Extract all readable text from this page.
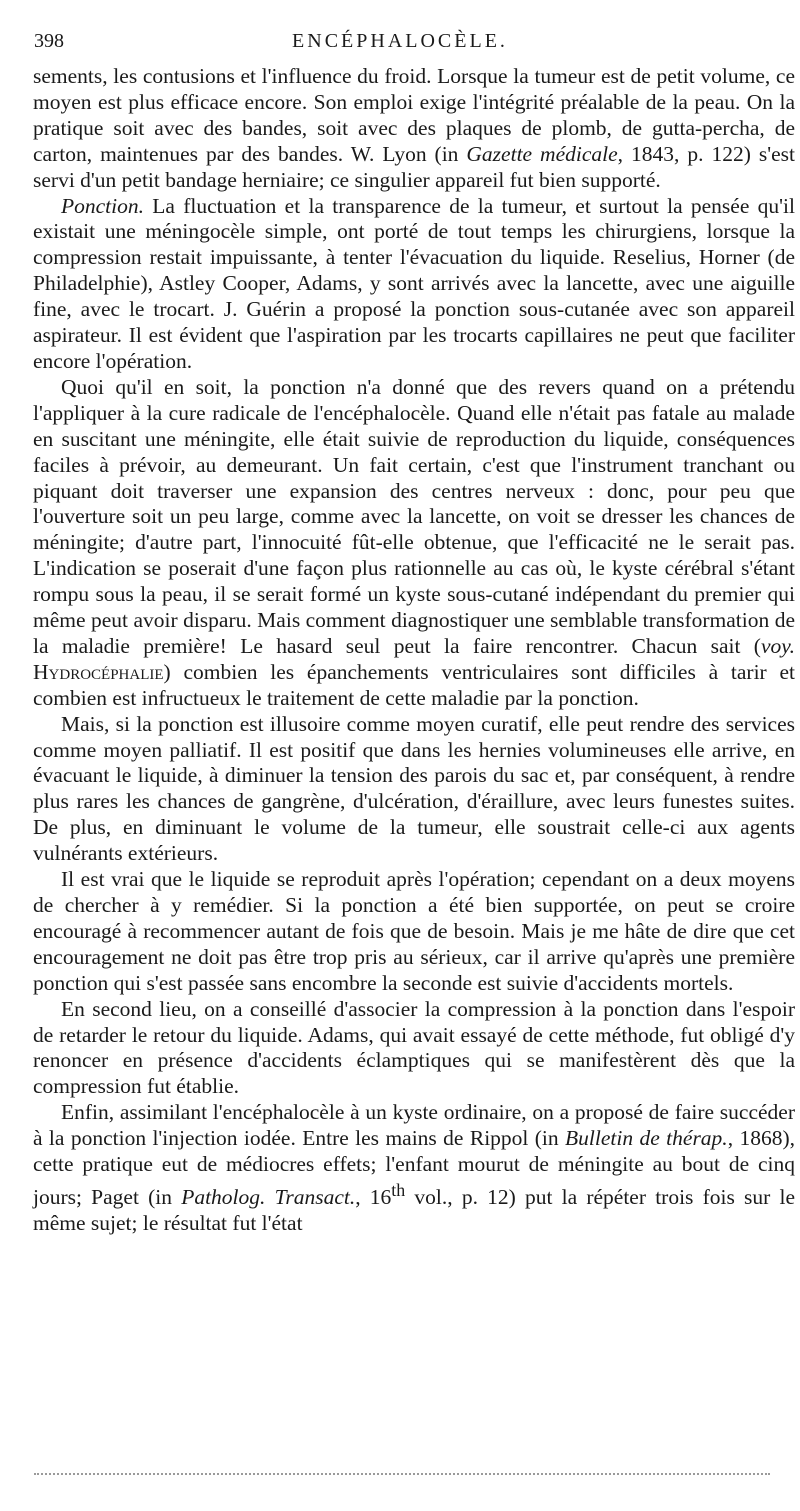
398	ENCÉPHALOCÈLE.

sements, les contusions et l'influence du froid. Lorsque la tumeur est de petit volume, ce moyen est plus efficace encore. Son emploi exige l'intégrité préalable de la peau. On la pratique soit avec des bandes, soit avec des plaques de plomb, de gutta-percha, de carton, maintenues par des bandes. W. Lyon (in Gazette médicale, 1843, p. 122) s'est servi d'un petit bandage herniaire; ce singulier appareil fut bien supporté.

Ponction. La fluctuation et la transparence de la tumeur, et surtout la pensée qu'il existait une méningocèle simple, ont porté de tout temps les chirurgiens, lorsque la compression restait impuissante, à tenter l'évacuation du liquide. Reselius, Horner (de Philadelphie), Astley Cooper, Adams, y sont arrivés avec la lancette, avec une aiguille fine, avec le trocart. J. Guérin a proposé la ponction sous-cutanée avec son appareil aspirateur. Il est évident que l'aspiration par les trocarts capillaires ne peut que faciliter encore l'opération.

Quoi qu'il en soit, la ponction n'a donné que des revers quand on a prétendu l'appliquer à la cure radicale de l'encéphalocèle. Quand elle n'était pas fatale au malade en suscitant une méningite, elle était suivie de reproduction du liquide, conséquences faciles à prévoir, au demeurant. Un fait certain, c'est que l'instrument tranchant ou piquant doit traverser une expansion des centres nerveux : donc, pour peu que l'ouverture soit un peu large, comme avec la lancette, on voit se dresser les chances de méningite; d'autre part, l'innocuité fût-elle obtenue, que l'efficacité ne le serait pas. L'indication se poserait d'une façon plus rationnelle au cas où, le kyste cérébral s'étant rompu sous la peau, il se serait formé un kyste sous-cutané indépendant du premier qui même peut avoir disparu. Mais comment diagnostiquer une semblable transformation de la maladie première! Le hasard seul peut la faire rencontrer. Chacun sait (voy. Hydrocéphalie) combien les épanchements ventriculaires sont difficiles à tarir et combien est infructueux le traitement de cette maladie par la ponction.

Mais, si la ponction est illusoire comme moyen curatif, elle peut rendre des services comme moyen palliatif. Il est positif que dans les hernies volumineuses elle arrive, en évacuant le liquide, à diminuer la tension des parois du sac et, par conséquent, à rendre plus rares les chances de gangrène, d'ulcération, d'éraillure, avec leurs funestes suites. De plus, en diminuant le volume de la tumeur, elle soustrait celle-ci aux agents vulnérants extérieurs.

Il est vrai que le liquide se reproduit après l'opération; cependant on a deux moyens de chercher à y remédier. Si la ponction a été bien supportée, on peut se croire encouragé à recommencer autant de fois que de besoin. Mais je me hâte de dire que cet encouragement ne doit pas être trop pris au sérieux, car il arrive qu'après une première ponction qui s'est passée sans encombre la seconde est suivie d'accidents mortels.

En second lieu, on a conseillé d'associer la compression à la ponction dans l'espoir de retarder le retour du liquide. Adams, qui avait essayé de cette méthode, fut obligé d'y renoncer en présence d'accidents éclamptiques qui se manifestèrent dès que la compression fut établie.

Enfin, assimilant l'encéphalocèle à un kyste ordinaire, on a proposé de faire succéder à la ponction l'injection iodée. Entre les mains de Rippol (in Bulletin de thérap., 1868), cette pratique eut de médiocres effets; l'enfant mourut de méningite au bout de cinq jours; Paget (in Patholog. Transact., 16th vol., p. 12) put la répéter trois fois sur le même sujet; le résultat fut l'état
